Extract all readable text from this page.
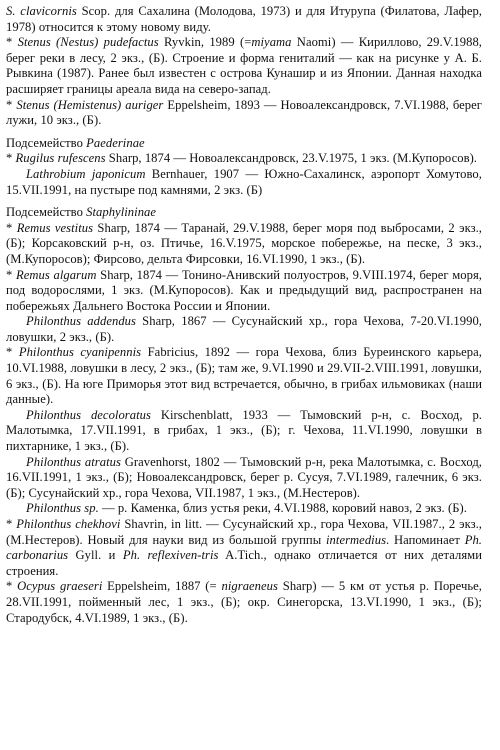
S. clavicornis Scop. для Сахалина (Молодова, 1973) и для Итурупа (Филатова, Лафер, 1978) относится к этому новому виду.

* Stenus (Nestus) pudefactus Ryvkin, 1989 (=miyama Naomi) — Кириллово, 29.V.1988, берег реки в лесу, 2 экз., (Б). Строение и форма гениталий — как на рисунке у А. Б. Рывкина (1987). Ранее был известен с острова Кунашир и из Японии. Данная находка расширяет границы ареала вида на северо-запад.

* Stenus (Hemistenus) auriger Eppelsheim, 1893 — Новоалександровск, 7.VI.1988, берег лужи, 10 экз., (Б).

Подсемейство Paederinae

* Rugilus rufescens Sharp, 1874 — Новоалександровск, 23.V.1975, 1 экз. (М.Купоросов).

Lathrobium japonicum Bernhauer, 1907 — Южно-Сахалинск, аэропорт Хомутово, 15.VII.1991, на пустыре под камнями, 2 экз. (Б)

Подсемейство Staphylininae

* Remus vestitus Sharp, 1874 — Таранай, 29.V.1988, берег моря под выбросами, 2 экз., (Б); Корсаковский р-н, оз. Птичье, 16.V.1975, морское побережье, на песке, 3 экз., (М.Купоросов); Фирсово, дельта Фирсовки, 16.VI.1990, 1 экз., (Б).

* Remus algarum Sharp, 1874 — Тонино-Анивский полуостров, 9.VIII.1974, берег моря, под водорослями, 1 экз. (М.Купоросов). Как и предыдущий вид, распространен на побережьях Дальнего Востока России и Японии.

Philonthus addendus Sharp, 1867 — Сусунайский хр., гора Чехова, 7-20.VI.1990, ловушки, 2 экз., (Б).

* Philonthus cyanipennis Fabricius, 1892 — гора Чехова, близ Буреинского карьера, 10.VI.1988, ловушки в лесу, 2 экз., (Б); там же, 9.VI.1990 и 29.VII-2.VIII.1991, ловушки, 6 экз., (Б). На юге Приморья этот вид встречается, обычно, в грибах ильмовиках (наши данные).

Philonthus decoloratus Kirschenblatt, 1933 — Тымовский р-н, с. Восход, р. Малотымка, 17.VII.1991, в грибах, 1 экз., (Б); г. Чехова, 11.VI.1990, ловушки в пихтарнике, 1 экз., (Б).

Philonthus atratus Gravenhorst, 1802 — Тымовский р-н, река Малотымка, с. Восход, 16.VII.1991, 1 экз., (Б); Новоалександровск, берег р. Сусуя, 7.VI.1989, галечник, 6 экз. (Б); Сусунайский хр., гора Чехова, VII.1987, 1 экз., (М.Нестеров).

Philonthus sp. — р. Каменка, близ устья реки, 4.VI.1988, коровий навоз, 2 экз. (Б).

* Philonthus chekhovi Shavrin, in litt. — Сусунайский хр., гора Чехова, VII.1987., 2 экз., (М.Нестеров). Новый для науки вид из большой группы intermedius. Напоминает Ph. carbonarius Gyll. и Ph. reflexiven-tris A.Tich., однако отличается от них деталями строения.

* Ocypus graeseri Eppelsheim, 1887 (= nigraeneus Sharp) — 5 км от устья р. Поречье, 28.VII.1991, пойменный лес, 1 экз., (Б); окр. Синегорска, 13.VI.1990, 1 экз., (Б); Стародубск, 4.VI.1989, 1 экз., (Б).
